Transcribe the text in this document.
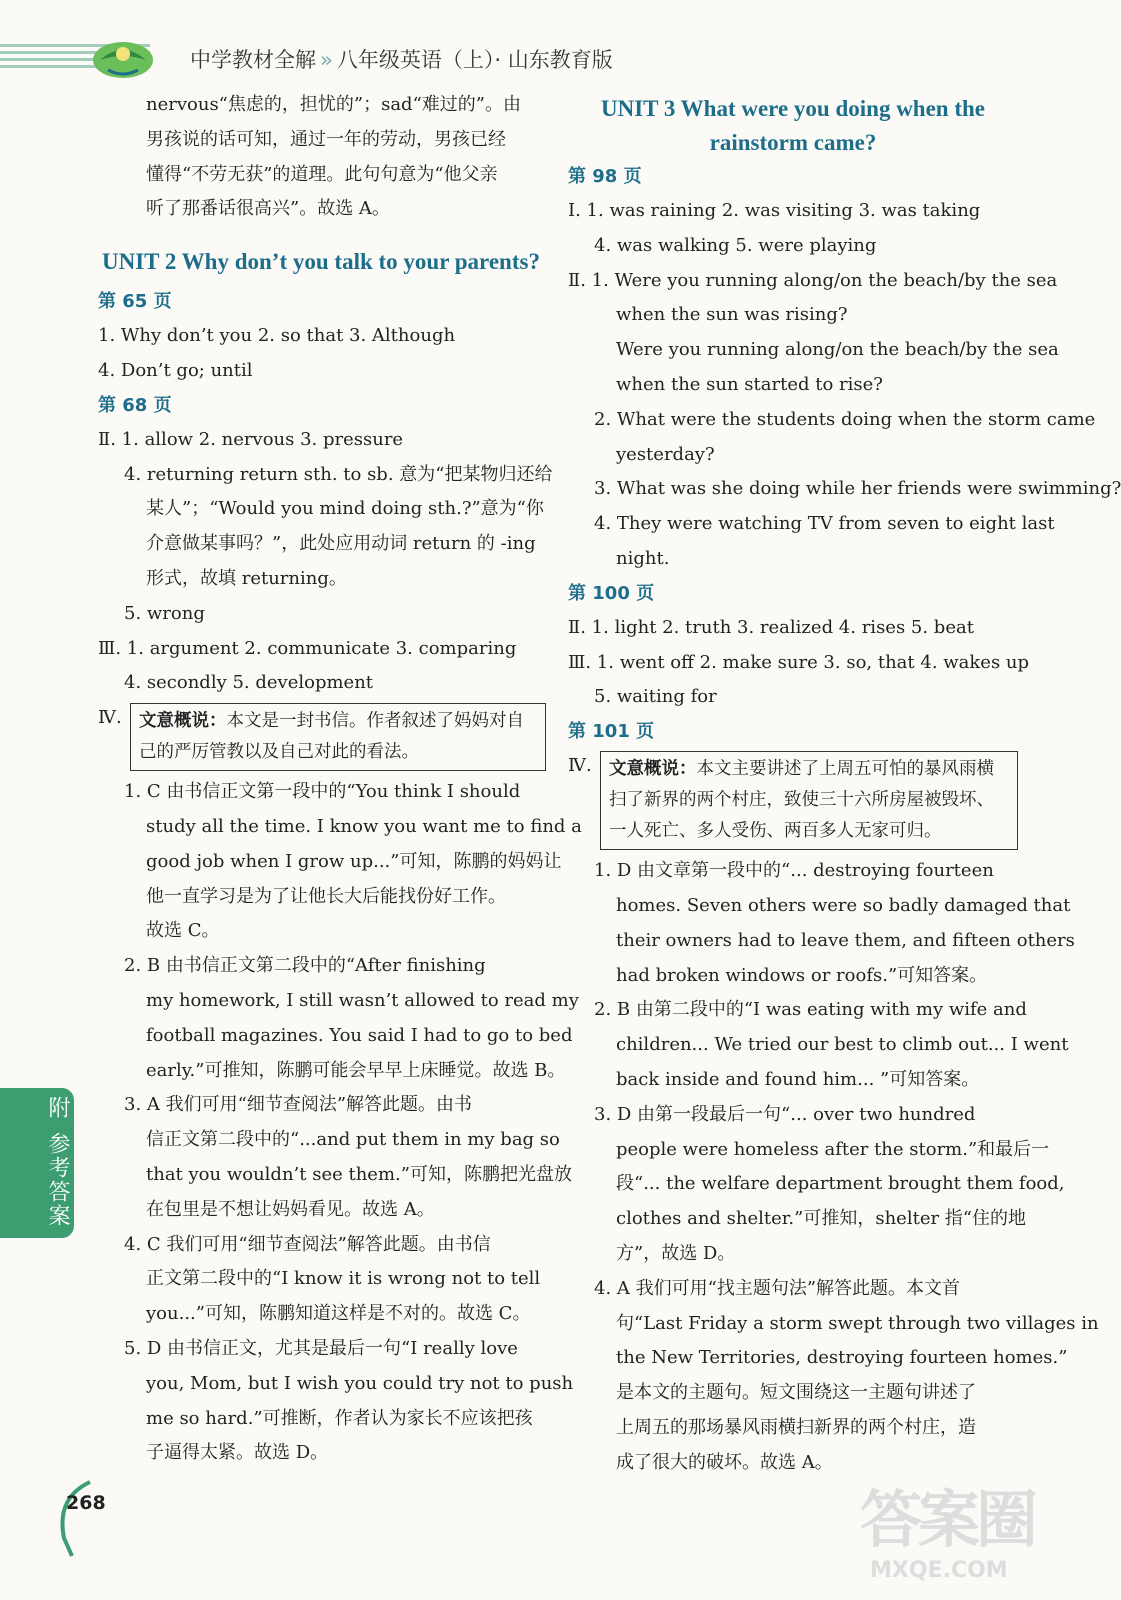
中学教材全解 » 八年级英语（上）· 山东教育版
nervous“焦虑的，担忧的”；sad“难过的”。由
男孩说的话可知，通过一年的劳动，男孩已经
懂得“不劳无获”的道理。此句句意为“他父亲
听了那番话很高兴”。故选 A。
UNIT 2 Why don’t you talk to your parents?
第 65 页
1. Why don’t you 2. so that 3. Although
4. Don’t go; until
第 68 页
Ⅱ. 1. allow 2. nervous 3. pressure
4. returning return sth. to sb. 意为“把某物归还给
某人”；“Would you mind doing sth.?”意为“你
介意做某事吗？”，此处应用动词 return 的 -ing
形式，故填 returning。
5. wrong
Ⅲ. 1. argument 2. communicate 3. comparing
4. secondly 5. development
Ⅳ. 文意概说：本文是一封书信。作者叙述了妈妈对自己的严厉管教以及自己对此的看法。
1. C 由书信正文第一段中的“You think I should
study all the time. I know you want me to find a
good job when I grow up...”可知，陈鹏的妈妈让
他一直学习是为了让他长大后能找份好工作。
故选 C。
2. B 由书信正文第二段中的“After finishing
my homework, I still wasn’t allowed to read my
football magazines. You said I had to go to bed
early.”可推知，陈鹏可能会早早上床睡觉。故选 B。
3. A 我们可用“细节查阅法”解答此题。由书
信正文第二段中的“...and put them in my bag so
that you wouldn’t see them.”可知，陈鹏把光盘放
在包里是不想让妈妈看见。故选 A。
4. C 我们可用“细节查阅法”解答此题。由书信
正文第二段中的“I know it is wrong not to tell
you...”可知，陈鹏知道这样是不对的。故选 C。
5. D 由书信正文，尤其是最后一句“I really love
you, Mom, but I wish you could try not to push
me so hard.”可推断，作者认为家长不应该把孩
子逼得太紧。故选 D。
UNIT 3 What were you doing when the
rainstorm came?
第 98 页
Ⅰ. 1. was raining 2. was visiting 3. was taking
4. was walking 5. were playing
Ⅱ. 1. Were you running along/on the beach/by the sea
when the sun was rising?
Were you running along/on the beach/by the sea
when the sun started to rise?
2. What were the students doing when the storm came
yesterday?
3. What was she doing while her friends were swimming?
4. They were watching TV from seven to eight last
night.
第 100 页
Ⅱ. 1. light 2. truth 3. realized 4. rises 5. beat
Ⅲ. 1. went off 2. make sure 3. so, that 4. wakes up
5. waiting for
第 101 页
Ⅳ. 文意概说：本文主要讲述了上周五可怕的暴风雨横扫了新界的两个村庄，致使三十六所房屋被毁坏、一人死亡、多人受伤、两百多人无家可归。
1. D 由文章第一段中的“... destroying fourteen
homes. Seven others were so badly damaged that
their owners had to leave them, and fifteen others
had broken windows or roofs.”可知答案。
2. B 由第二段中的“I was eating with my wife and
children... We tried our best to climb out... I went
back inside and found him... ”可知答案。
3. D 由第一段最后一句“... over two hundred
people were homeless after the storm.”和最后一
段“... the welfare department brought them food,
clothes and shelter.”可推知，shelter 指“住的地
方”，故选 D。
4. A 我们可用“找主题句法”解答此题。本文首
句“Last Friday a storm swept through two villages in
the New Territories, destroying fourteen homes.”
是本文的主题句。短文围绕这一主题句讲述了
上周五的那场暴风雨横扫新界的两个村庄，造
成了很大的破坏。故选 A。
附
参考答案
268	答案圈
MXQE.COM
